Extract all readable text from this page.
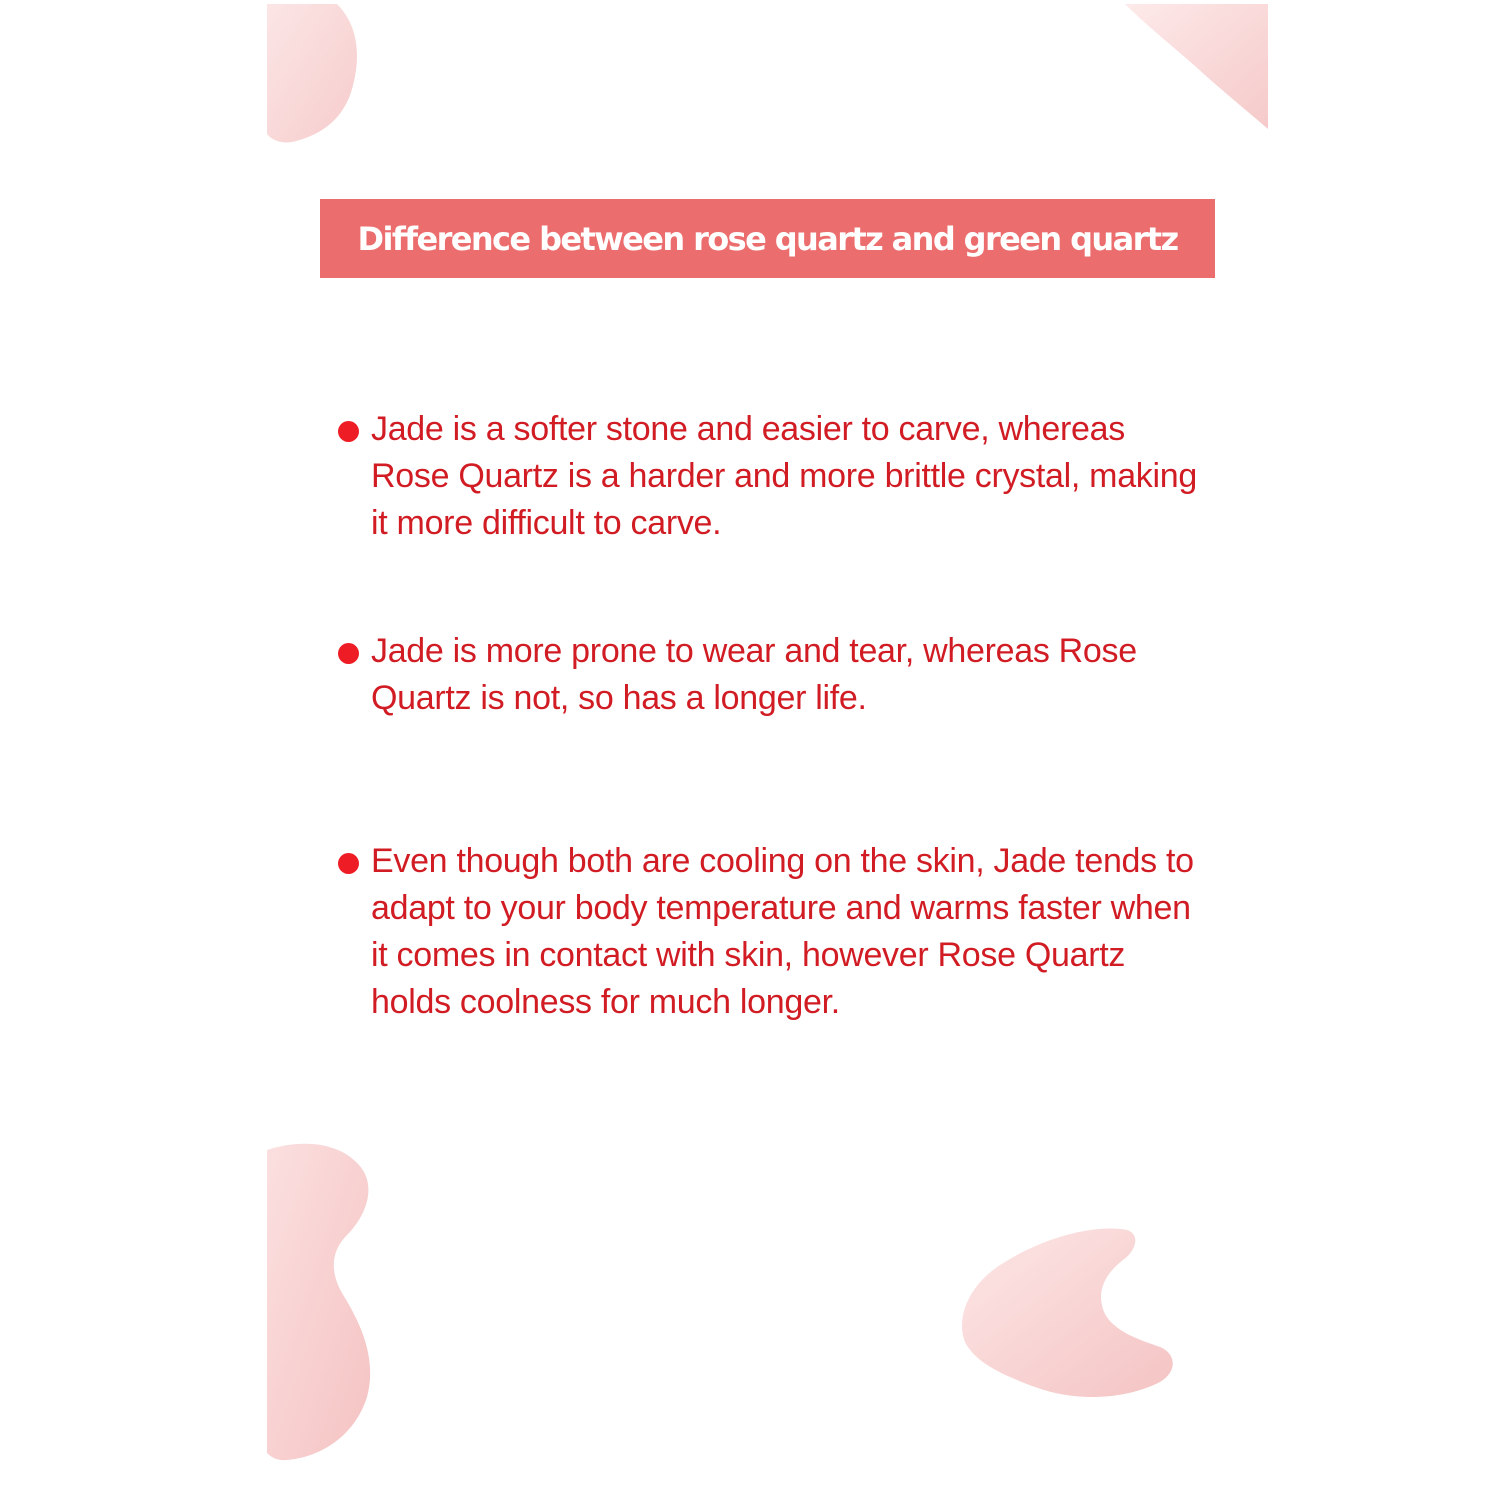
Difference between rose quartz and green quartz
Jade is a softer stone and easier to carve, whereas Rose Quartz is a harder and more brittle crystal, making it more difficult to carve.
Jade is more prone to wear and tear, whereas Rose Quartz is not, so has a longer life.
Even though both are cooling on the skin, Jade tends to adapt to your body temperature and warms faster when it comes in contact with skin, however Rose Quartz holds coolness for much longer.
